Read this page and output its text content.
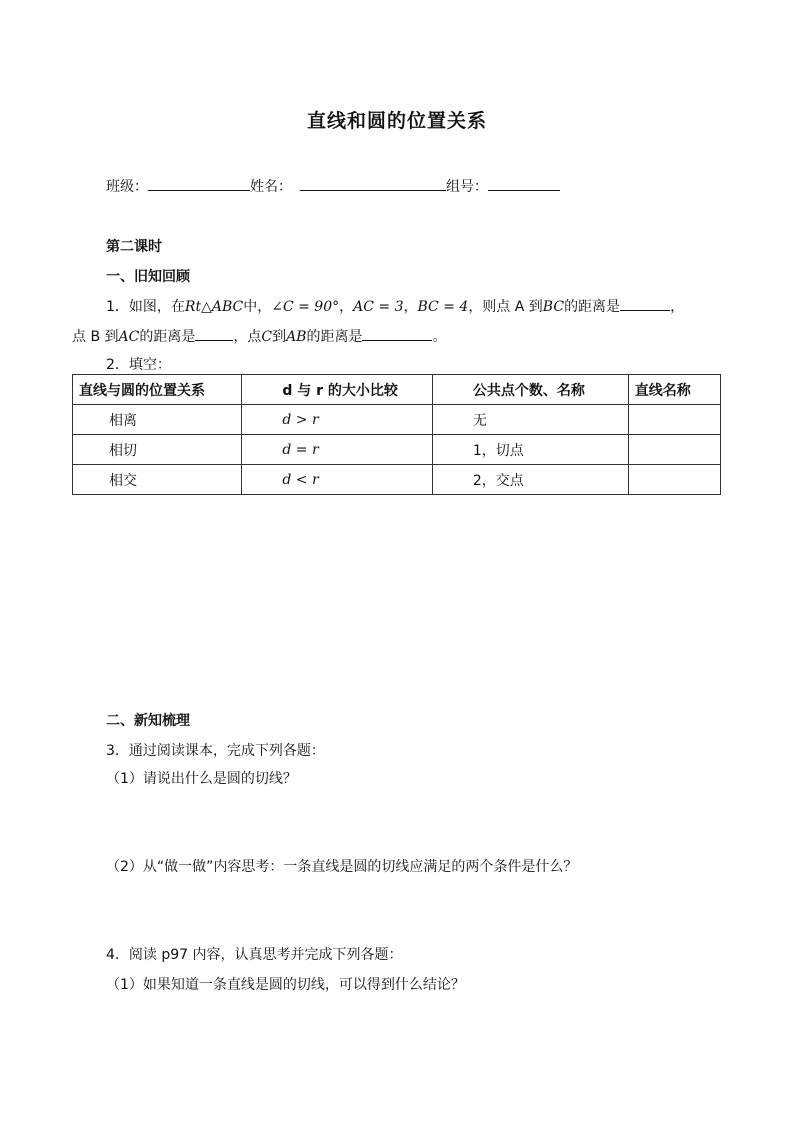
直线和圆的位置关系
班级：	姓名：	组号：
第二课时
一、旧知回顾
1．如图，在Rt△ABC中，∠C = 90°，AC = 3，BC = 4，则点 A 到BC的距离是	，
点 B 到AC的距离是	，点C到AB的距离是	。
2．填空：
直线与圆的位置关系	d 与 r 的大小比较	公共点个数、名称	直线名称
相离	d > r	无	
相切	d = r	1，切点	
相交	d < r	2，交点	
二、新知梳理
3．通过阅读课本，完成下列各题：
（1）请说出什么是圆的切线？
（2）从“做一做”内容思考：一条直线是圆的切线应满足的两个条件是什么？
4．阅读 p97 内容，认真思考并完成下列各题：
（1）如果知道一条直线是圆的切线，可以得到什么结论？
